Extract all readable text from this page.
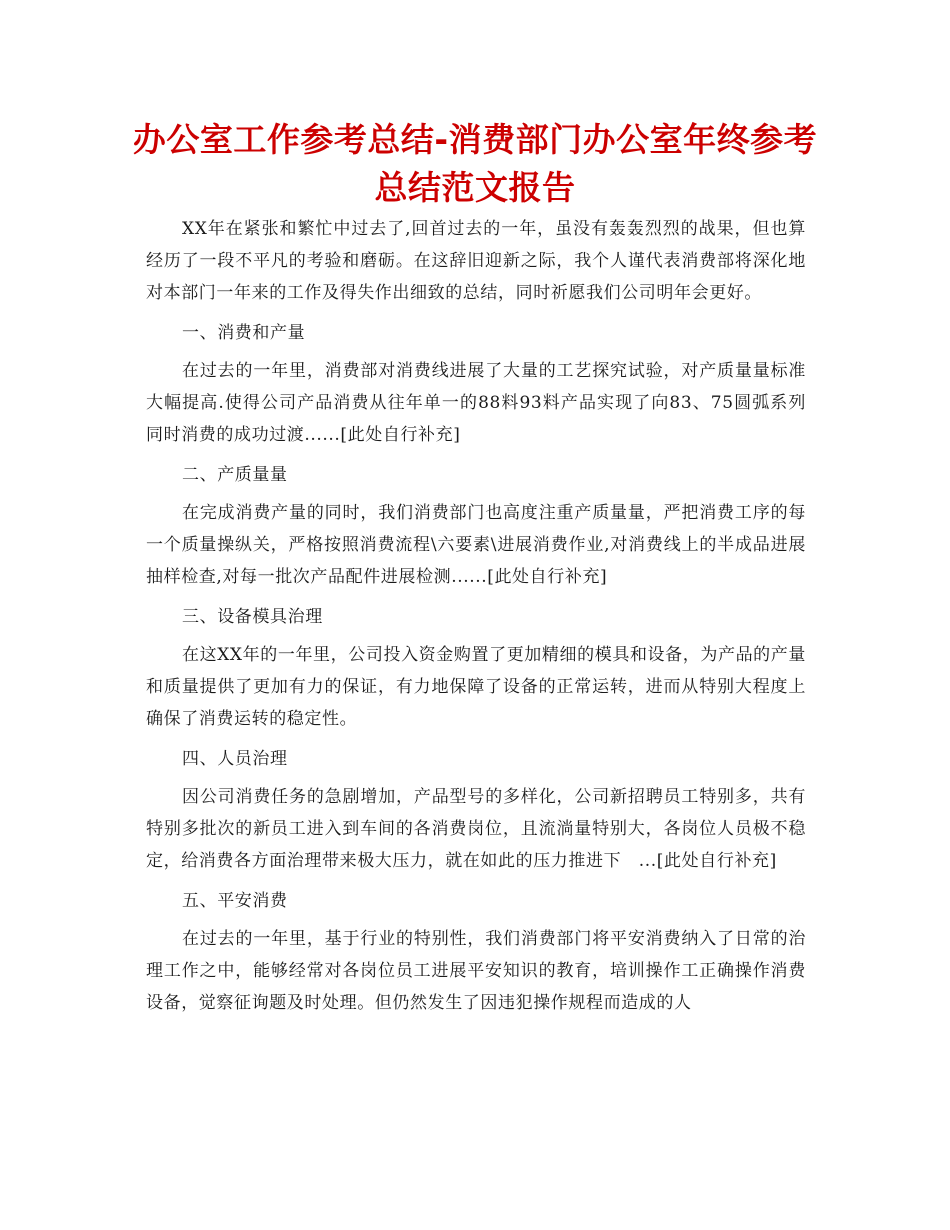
办公室工作参考总结-消费部门办公室年终参考总结范文报告

XX年在紧张和繁忙中过去了,回首过去的一年，虽没有轰轰烈烈的战果，但也算经历了一段不平凡的考验和磨砺。在这辞旧迎新之际，我个人谨代表消费部将深化地对本部门一年来的工作及得失作出细致的总结，同时祈愿我们公司明年会更好。

一、消费和产量

在过去的一年里，消费部对消费线进展了大量的工艺探究试验，对产质量量标准大幅提高.使得公司产品消费从往年单一的88料93料产品实现了向83、75圆弧系列同时消费的成功过渡......[此处自行补充]

二、产质量量

在完成消费产量的同时，我们消费部门也高度注重产质量量，严把消费工序的每一个质量操纵关，严格按照消费流程\六要素\进展消费作业,对消费线上的半成品进展抽样检查,对每一批次产品配件进展检测......[此处自行补充]

三、设备模具治理

在这XX年的一年里，公司投入资金购置了更加精细的模具和设备，为产品的产量和质量提供了更加有力的保证，有力地保障了设备的正常运转，进而从特别大程度上确保了消费运转的稳定性。

四、人员治理

因公司消费任务的急剧增加，产品型号的多样化，公司新招聘员工特别多，共有特别多批次的新员工进入到车间的各消费岗位，且流淌量特别大，各岗位人员极不稳定，给消费各方面治理带来极大压力，就在如此的压力推进下　...[此处自行补充]

五、平安消费

在过去的一年里，基于行业的特别性，我们消费部门将平安消费纳入了日常的治理工作之中，能够经常对各岗位员工进展平安知识的教育，培训操作工正确操作消费设备，觉察征询题及时处理。但仍然发生了因违犯操作规程而造成的人
